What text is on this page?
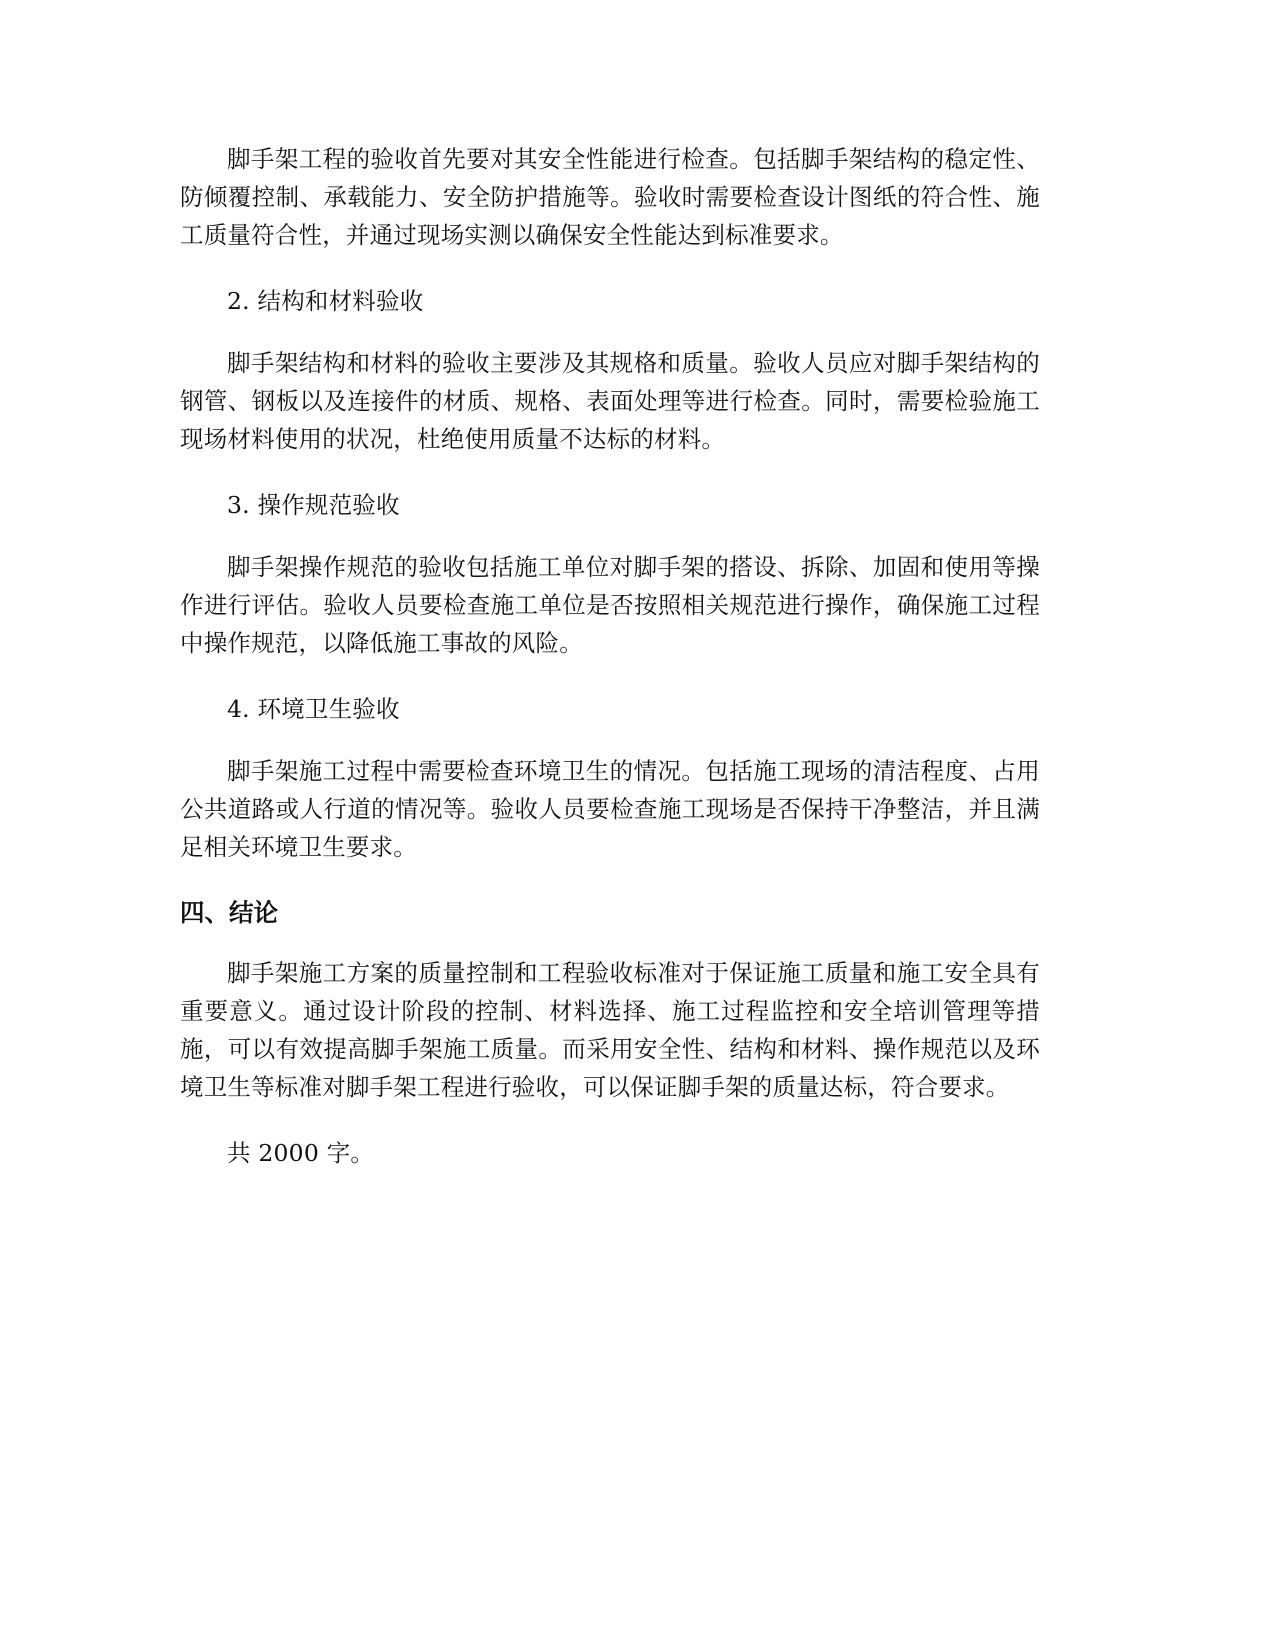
脚手架工程的验收首先要对其安全性能进行检查。包括脚手架结构的稳定性、防倾覆控制、承载能力、安全防护措施等。验收时需要检查设计图纸的符合性、施工质量符合性，并通过现场实测以确保安全性能达到标准要求。

2. 结构和材料验收

脚手架结构和材料的验收主要涉及其规格和质量。验收人员应对脚手架结构的钢管、钢板以及连接件的材质、规格、表面处理等进行检查。同时，需要检验施工现场材料使用的状况，杜绝使用质量不达标的材料。

3. 操作规范验收

脚手架操作规范的验收包括施工单位对脚手架的搭设、拆除、加固和使用等操作进行评估。验收人员要检查施工单位是否按照相关规范进行操作，确保施工过程中操作规范，以降低施工事故的风险。

4. 环境卫生验收

脚手架施工过程中需要检查环境卫生的情况。包括施工现场的清洁程度、占用公共道路或人行道的情况等。验收人员要检查施工现场是否保持干净整洁，并且满足相关环境卫生要求。

四、结论

脚手架施工方案的质量控制和工程验收标准对于保证施工质量和施工安全具有重要意义。通过设计阶段的控制、材料选择、施工过程监控和安全培训管理等措施，可以有效提高脚手架施工质量。而采用安全性、结构和材料、操作规范以及环境卫生等标准对脚手架工程进行验收，可以保证脚手架的质量达标，符合要求。

共 2000 字。
